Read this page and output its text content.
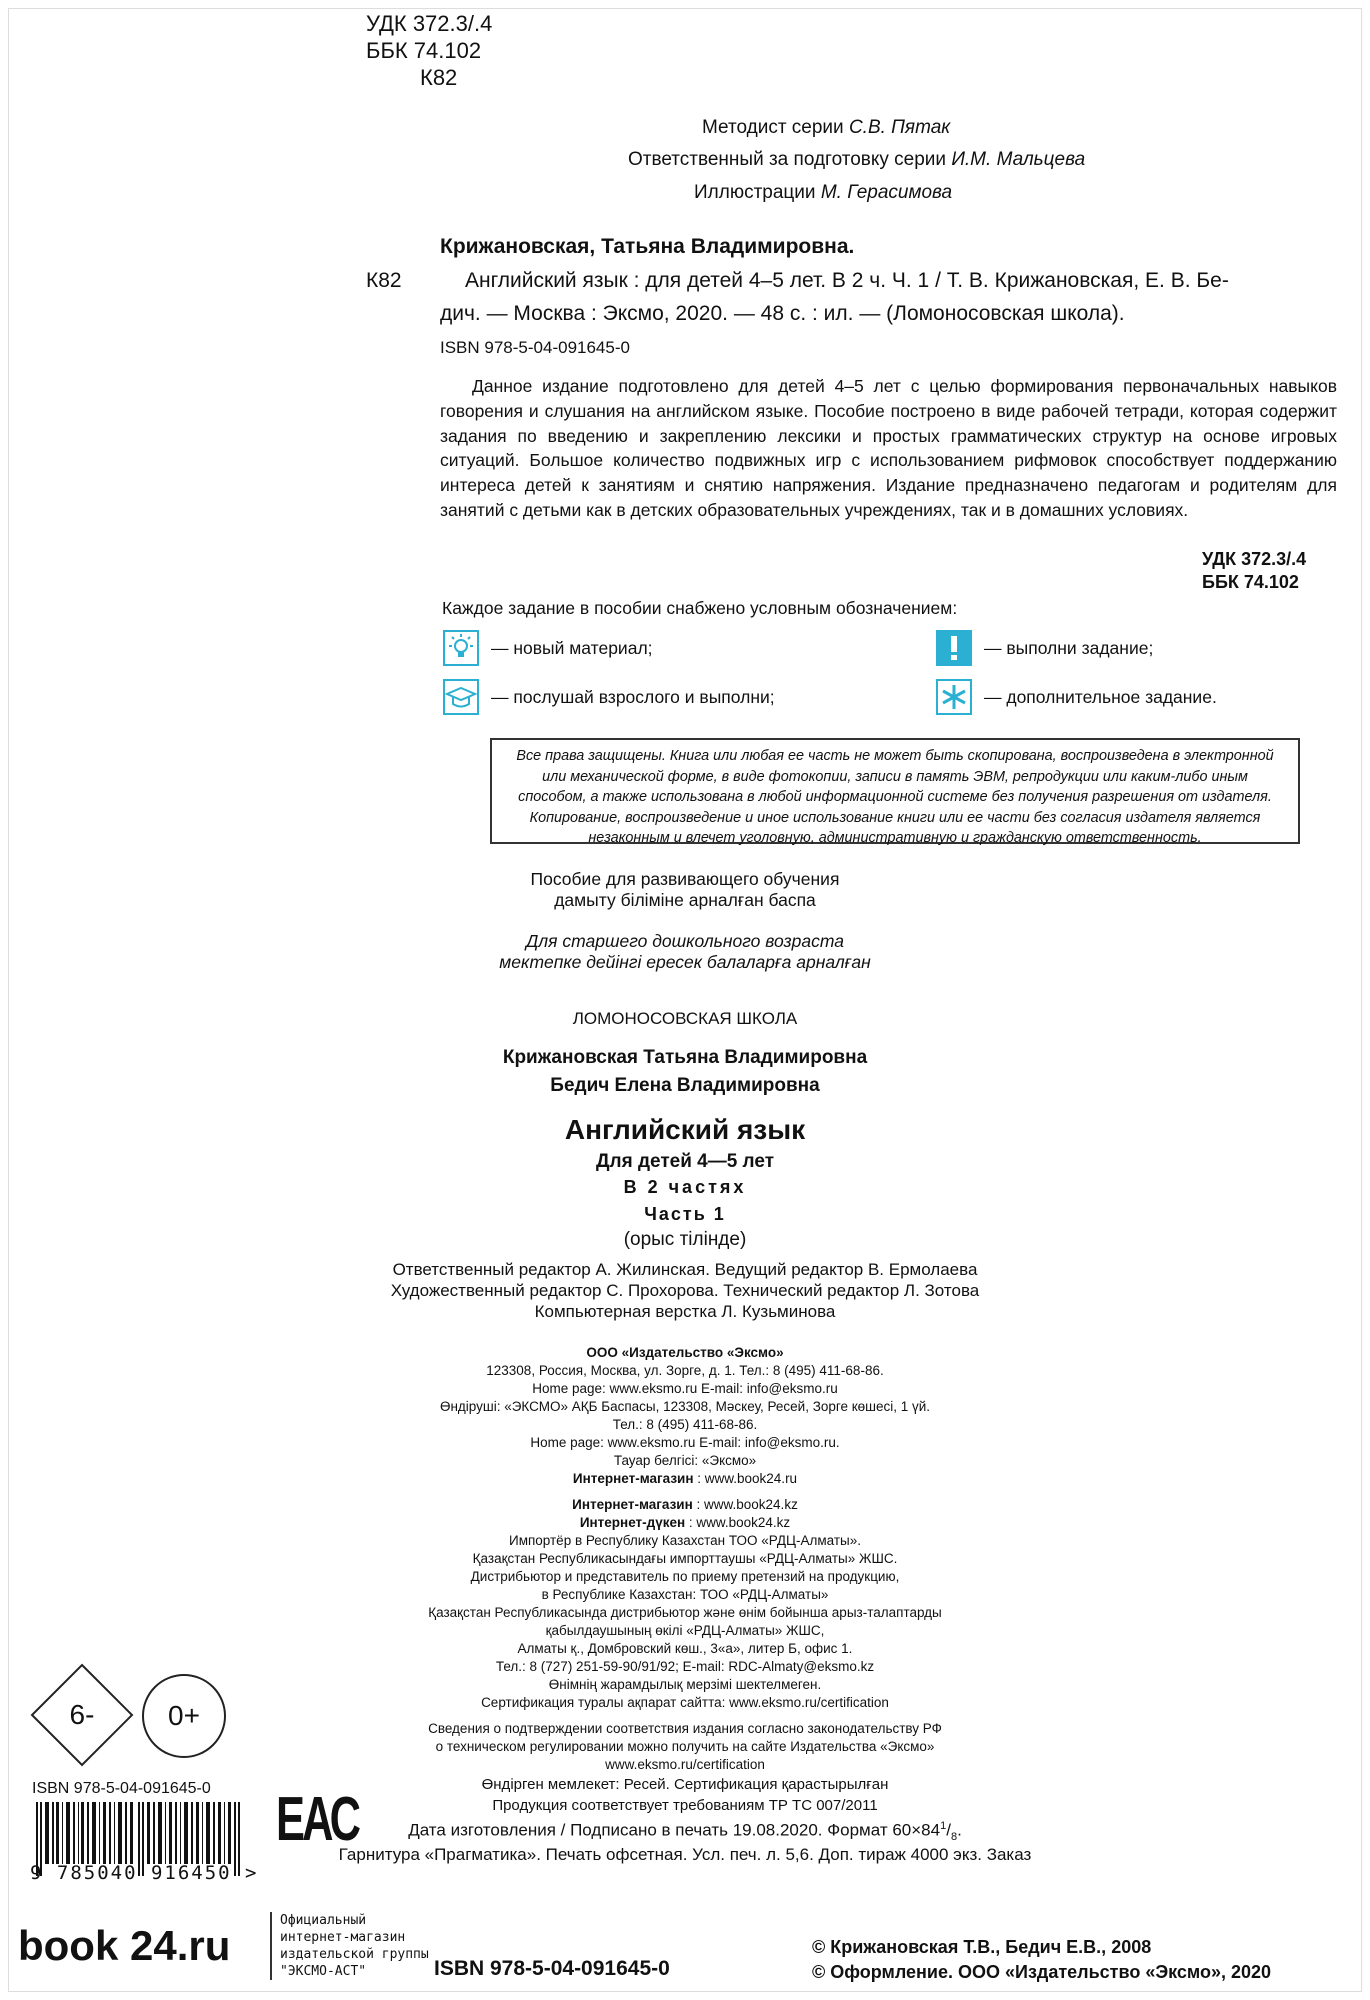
УДК 372.3/.4
ББК 74.102
К82
Методист серии С.В. Пятак
Ответственный за подготовку серии И.М. Мальцева
Иллюстрации М. Герасимова
Крижановская, Татьяна Владимировна.
К82	Английский язык : для детей 4–5 лет. В 2 ч. Ч. 1 / Т. В. Крижановская, Е. В. Бе-
дич. — Москва : Эксмо, 2020. — 48 с. : ил. — (Ломоносовская школа).
ISBN 978-5-04-091645-0

Данное издание подготовлено для детей 4–5 лет с целью формирования первоначальных навыков говорения и слушания на английском языке. Пособие построено в виде рабочей тетради, которая содержит задания по введению и закреплению лексики и простых грамматических структур на основе игровых ситуаций. Большое количество подвижных игр с использованием рифмовок способствует поддержанию интереса детей к занятиям и снятию напряжения. Издание предназначено педагогам и родителям для занятий с детьми как в детских образовательных учреждениях, так и в домашних условиях.

УДК 372.3/.4
ББК 74.102
Каждое задание в пособии снабжено условным обозначением:
— новый материал;	— выполни задание;
— послушай взрослого и выполни;	— дополнительное задание.
Все права защищены. Книга или любая ее часть не может быть скопирована, воспроизведена в электронной или механической форме, в виде фотокопии, записи в память ЭВМ, репродукции или каким-либо иным способом, а также использована в любой информационной системе без получения разрешения от издателя. Копирование, воспроизведение и иное использование книги или ее части без согласия издателя является незаконным и влечет уголовную, административную и гражданскую ответственность.
Пособие для развивающего обучения
дамыту біліміне арналған баспа
Для старшего дошкольного возраста
мектепке дейінгі ересек балаларға арналған
ЛОМОНОСОВСКАЯ ШКОЛА
Крижановская Татьяна Владимировна
Бедич Елена Владимировна
Английский язык
Для детей 4—5 лет
В 2 частях
Часть 1
(орыс тілінде)
Ответственный редактор А. Жилинская. Ведущий редактор В. Ермолаева
Художественный редактор С. Прохорова. Технический редактор Л. Зотова
Компьютерная верстка Л. Кузьминова
ООО «Издательство «Эксмо»
123308, Россия, Москва, ул. Зорге, д. 1. Тел.: 8 (495) 411-68-86.
Home page: www.eksmo.ru E-mail: info@eksmo.ru
Өндіруші: «ЭКСМО» АҚБ Баспасы, 123308, Мәскеу, Ресей, Зорге көшесі, 1 үй.
Тел.: 8 (495) 411-68-86.
Home page: www.eksmo.ru E-mail: info@eksmo.ru.
Тауар белгісі: «Эксмо»
Интернет-магазин : www.book24.ru
Интернет-магазин : www.book24.kz
Интернет-дүкен : www.book24.kz
Импортёр в Республику Казахстан ТОО «РДЦ-Алматы».
Қазақстан Республикасындағы импорттаушы «РДЦ-Алматы» ЖШС.
Дистрибьютор и представитель по приему претензий на продукцию,
в Республике Казахстан: ТОО «РДЦ-Алматы»
Қазақстан Республикасында дистрибьютор және өнім бойынша арыз-талаптарды
қабылдаушының өкілі «РДЦ-Алматы» ЖШС,
Алматы қ., Домбровский көш., 3«а», литер Б, офис 1.
Тел.: 8 (727) 251-59-90/91/92; E-mail: RDC-Almaty@eksmo.kz
Өнімнің жарамдылық мерзімі шектелмеген.
Сертификация туралы ақпарат сайтта: www.eksmo.ru/certification
Сведения о подтверждении соответствия издания согласно законодательству РФ
о техническом регулировании можно получить на сайте Издательства «Эксмо»
www.eksmo.ru/certification
Өндірген мемлекет: Ресей. Сертификация қарастырылған
Продукция соответствует требованиям ТР ТС 007/2011
Дата изготовления / Подписано в печать 19.08.2020. Формат $60\times 84^1/_8$.
Гарнитура «Прагматика». Печать офсетная. Усл. печ. л. 5,6. Доп. тираж 4000 экз. Заказ
6-	0+
ISBN 978-5-04-091645-0
9 785040 916450 >
ЕАС
book 24.ru
Официальный
интернет-магазин
издательской группы
"ЭКСМО-АСТ"	ISBN 978-5-04-091645-0
© Крижановская Т.В., Бедич Е.В., 2008
© Оформление. ООО «Издательство «Эксмо», 2020
